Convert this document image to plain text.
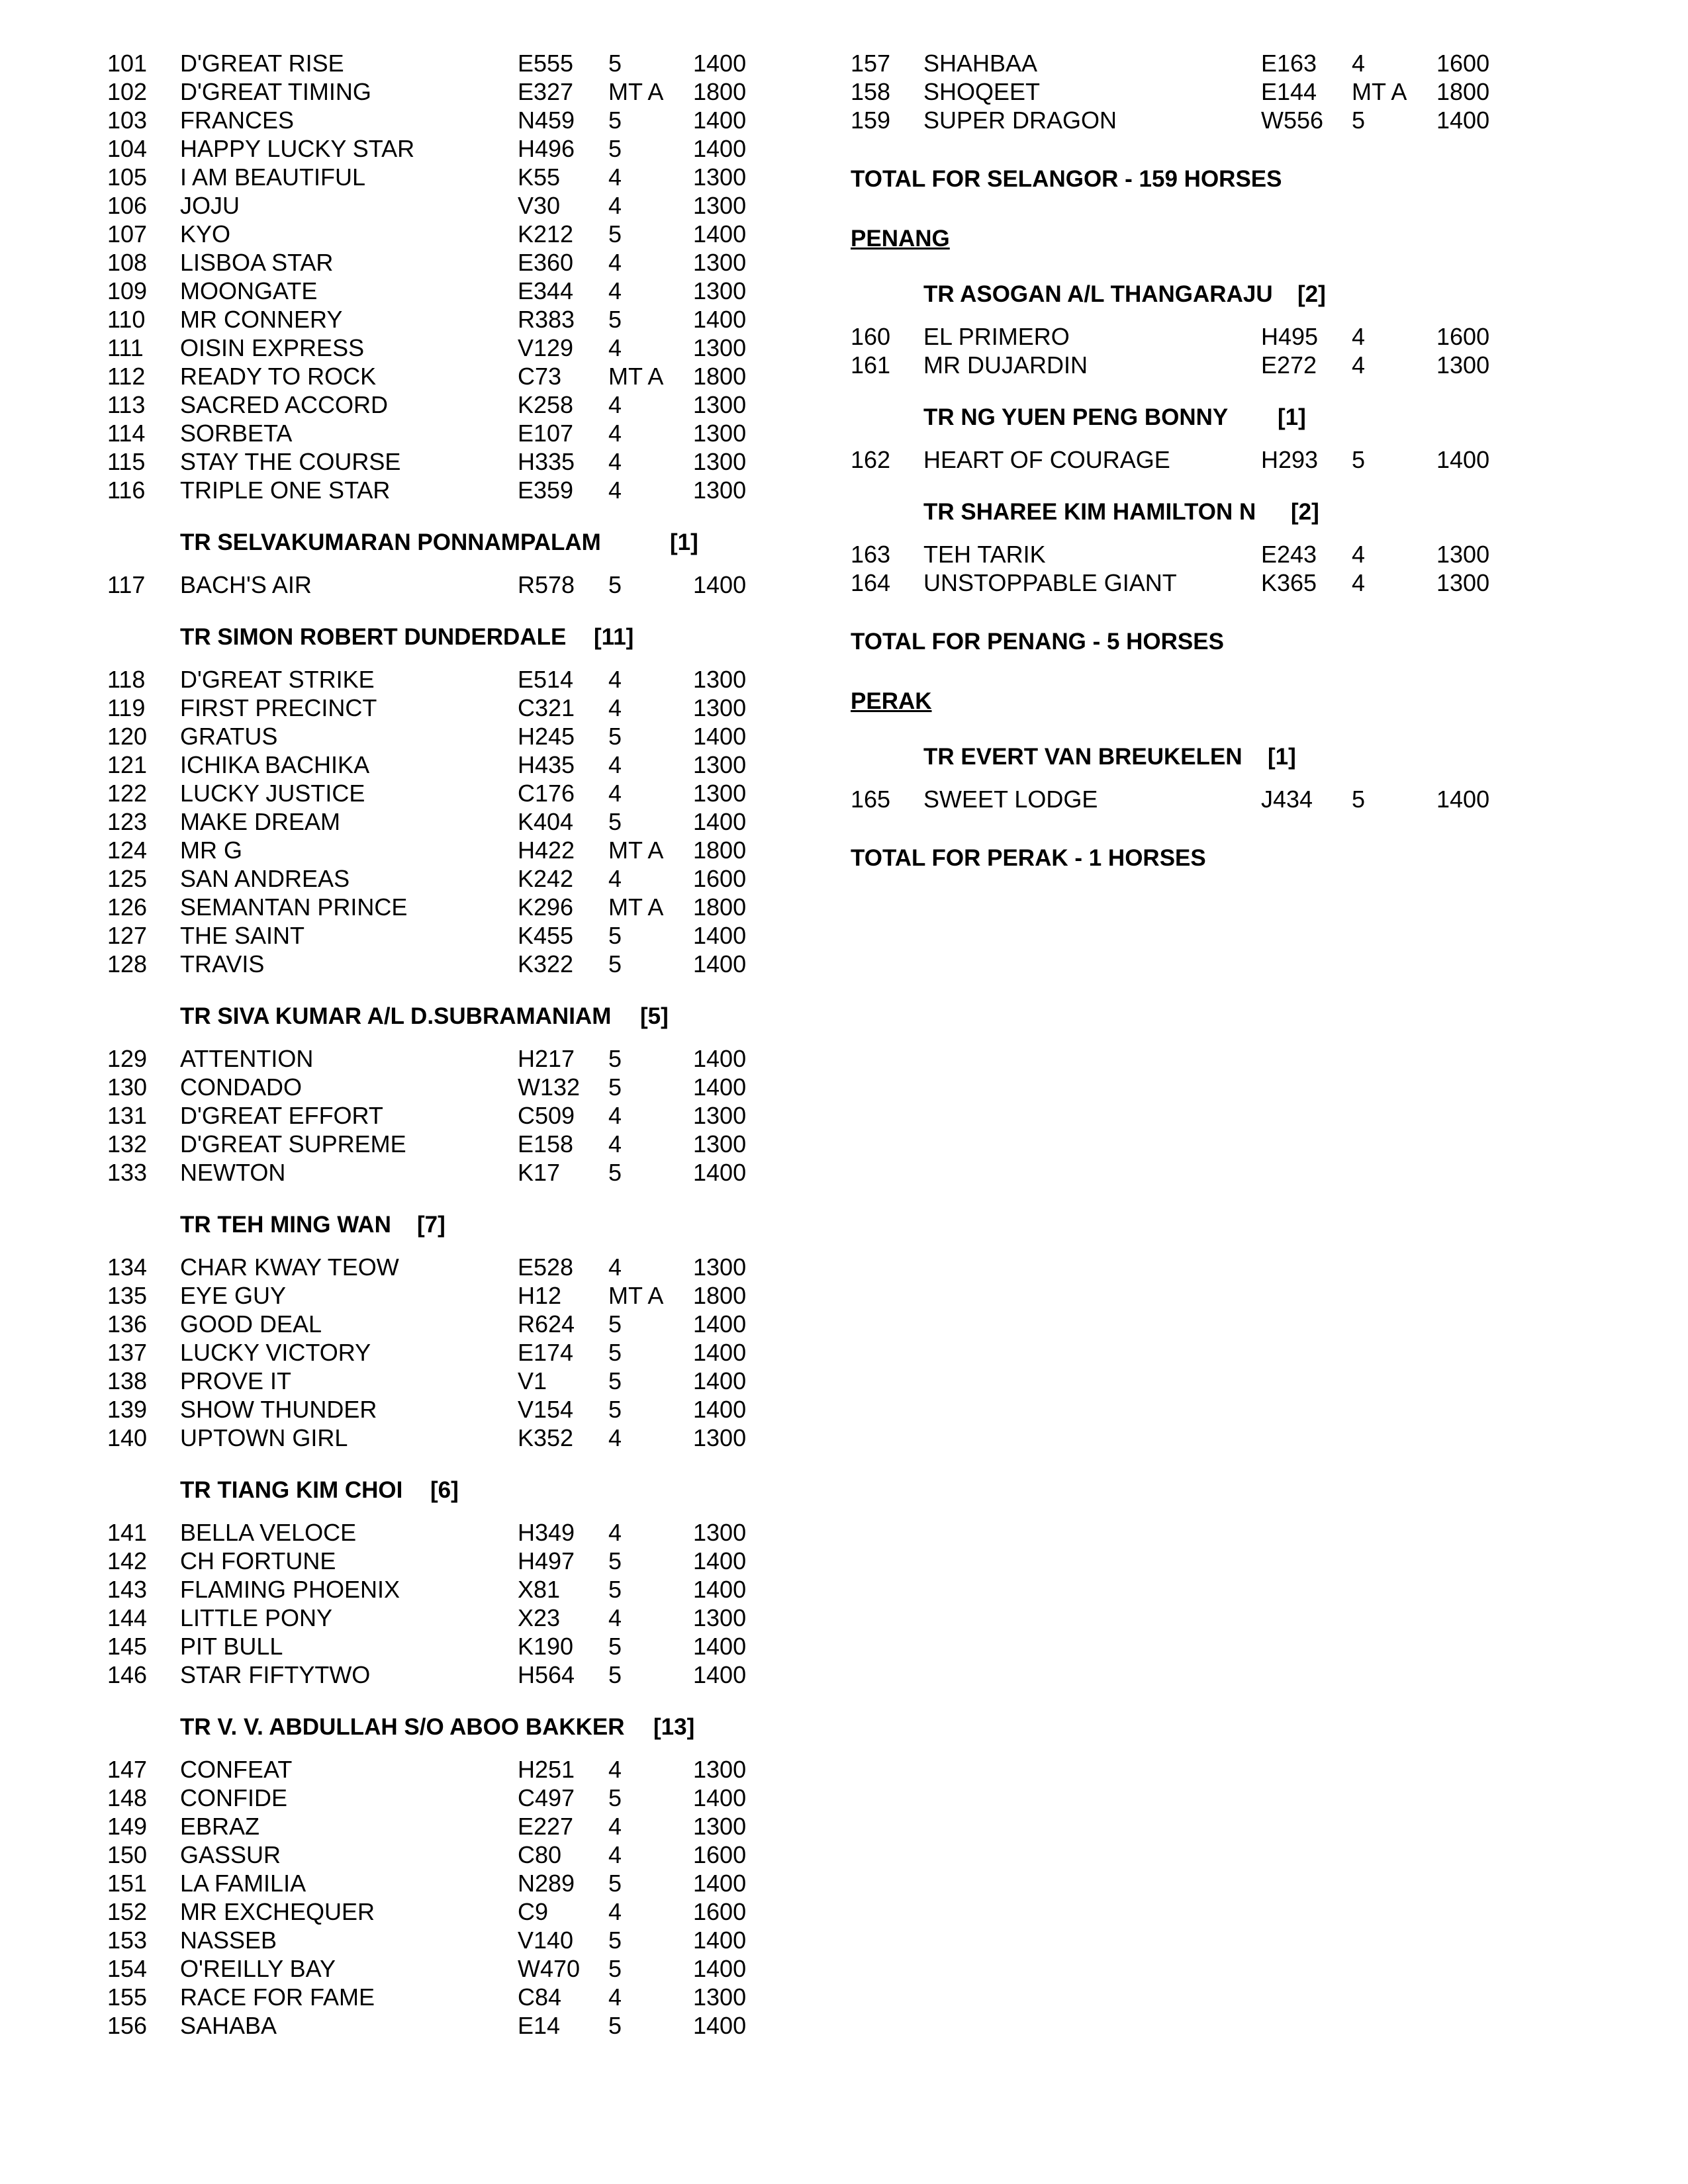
101 D'GREAT RISE	E555 5	1400
102 D'GREAT TIMING	E327 MT A 1800
103 FRANCES	N459 5	1400
104 HAPPY LUCKY STAR	H496 5	1400
105 I AM BEAUTIFUL	K55 4	1300
106 JOJU	V30 4	1300
107 KYO	K212 5	1400
108 LISBOA STAR	E360 4	1300
109 MOONGATE	E344 4	1300
110 MR CONNERY	R383 5	1400
111 OISIN EXPRESS	V129 4	1300
112 READY TO ROCK	C73 MT A 1800
113 SACRED ACCORD	K258 4	1300
114 SORBETA	E107 4	1300
115 STAY THE COURSE	H335 4	1300
116 TRIPLE ONE STAR	E359 4	1300
TR SELVAKUMARAN PONNAMPALAM	[1]
117 BACH'S AIR	R578 5	1400
TR SIMON ROBERT DUNDERDALE [11]
118 D'GREAT STRIKE	E514 4	1300
119 FIRST PRECINCT	C321 4	1300
120 GRATUS	H245 5	1400
121 ICHIKA BACHIKA	H435 4	1300
122 LUCKY JUSTICE	C176 4	1300
123 MAKE DREAM	K404 5	1400
124 MR G	H422 MT A 1800
125 SAN ANDREAS	K242 4	1600
126 SEMANTAN PRINCE	K296 MT A 1800
127 THE SAINT	K455 5	1400
128 TRAVIS	K322 5	1400
TR SIVA KUMAR A/L D.SUBRAMANIAM [5]
129 ATTENTION	H217 5	1400
130 CONDADO	W132 5	1400
131 D'GREAT EFFORT	C509 4	1300
132 D'GREAT SUPREME	E158 4	1300
133 NEWTON	K17 5	1400
TR TEH MING WAN [7]
134 CHAR KWAY TEOW	E528 4	1300
135 EYE GUY	H12 MT A 1800
136 GOOD DEAL	R624 5	1400
137 LUCKY VICTORY	E174 5	1400
138 PROVE IT	V1	5	1400
139 SHOW THUNDER	V154 5	1400
140 UPTOWN GIRL	K352 4	1300
TR TIANG KIM CHOI [6]
141 BELLA VELOCE	H349 4	1300
142 CH FORTUNE	H497 5	1400
143 FLAMING PHOENIX	X81 5	1400
144 LITTLE PONY	X23 4	1300
145 PIT BULL	K190 5	1400
146 STAR FIFTYTWO	H564 5	1400
TR V. V. ABDULLAH S/O ABOO BAKKER [13]
147 CONFEAT	H251 4	1300
148 CONFIDE	C497 5	1400
149 EBRAZ	E227 4	1300
150 GASSUR	C80 4	1600
151 LA FAMILIA	N289 5	1400
152 MR EXCHEQUER	C9	4	1600
153 NASSEB	V140 5	1400
154 O'REILLY BAY	W470 5	1400
155 RACE FOR FAME	C84 4	1300
156 SAHABA	E14 5	1400
157 SHAHBAA	E163 4	1600
158 SHOQEET	E144 MT A 1800
159 SUPER DRAGON	W556 5	1400
TOTAL FOR SELANGOR - 159 HORSES
PENANG
TR ASOGAN A/L THANGARAJU [2]
160 EL PRIMERO	H495 4	1600
161 MR DUJARDIN	E272 4	1300
TR NG YUEN PENG BONNY [1]
162 HEART OF COURAGE	H293 5	1400
TR SHAREE KIM HAMILTON N [2]
163 TEH TARIK	E243 4	1300
164 UNSTOPPABLE GIANT	K365 4	1300
TOTAL FOR PENANG - 5 HORSES
PERAK
TR EVERT VAN BREUKELEN [1]
165 SWEET LODGE	J434 5	1400
TOTAL FOR PERAK - 1 HORSES
